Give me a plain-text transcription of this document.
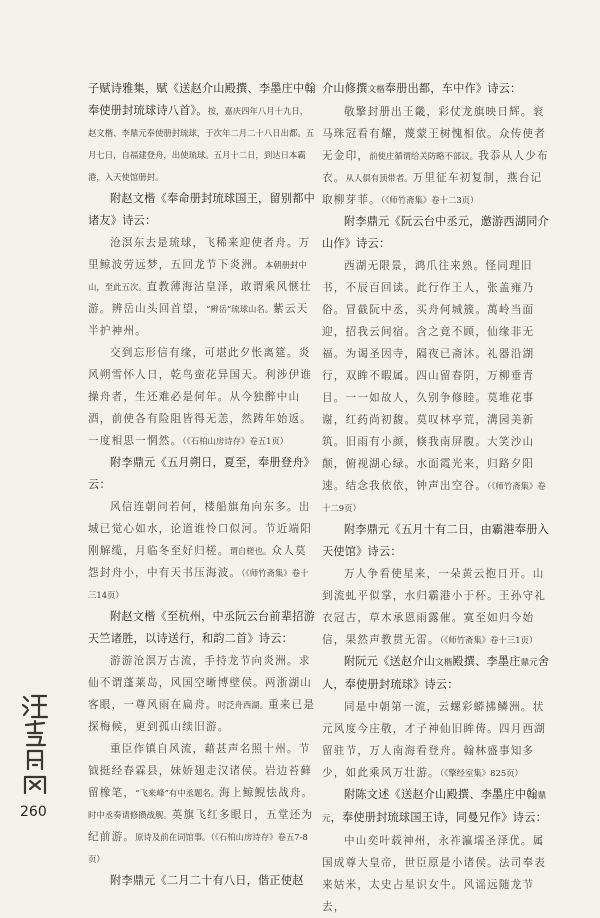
子赋诗雅集，赋《送赵介山殿撰、李墨庄中翰奉使册封琉球诗八首》。按，嘉庆四年八月十九日，赵文楷、李鼎元奉使册封琉球，于次年二月二十八日出都。五月七日，自福建登舟，出使琉球。五月十二日，到达日本霸港，入天使馆册封。

附赵文楷《奉命册封琉球国王，留别都中诸友》诗云：

沧溟东去是琉球，飞稀来迎使者舟。万里鲸波劳远梦，五回龙节下炎洲。本朝册封中山，至此五次。直教薄海沾皇泽，敢谓乘风惬壮游。辨岳山头回首望，“辨岳”琉球山名。紫云天半护神州。

交到忘形信有缘，可堪此夕怅离筵。炎风朔雪怀人日，乾鸟蛮花异国天。利涉伊谁操舟者，生还难必是何年。从今独醉中山酒，前使各有险阻皆得无恙，然踌年始返。一度相思一惘然。（《石柏山房诗存》卷五1页）

附李鼎元《五月朔日，夏至，奉册登舟》云：

风信连朝问若何，楼船旗角向东多。出城已觉心如水，论道谁怜口似河。节近端阳刚解缆，月临冬至好归槎。谓自槎也。众人莫怨封舟小，中有天书压海波。（《师竹斋集》卷十三14页）

附赵文楷《至杭州，中丞阮云台前辈招游天竺诸胜，以诗送行，和韵二首》诗云：

游游沧溟万古流，手持龙节向炎洲。求仙不谓蓬莱岛，风国空晰博壁侯。两浙湖山客眼，一尊风雨在扁舟。时泛舟西湖。重来已是探梅候，更到孤山续旧游。

重臣作镇自风流，藉甚声名照十州。节钺挺经春霖县，妹娇翅走汉诸侯。岩边苔藓留橡笔，“飞来峰”有中丞题名。海上鲸鲵怯战舟。时中丞奏请修攒战舰。英旗飞红多眼日，五堂还为纪前游。原诗及前在词馆事。（《石柏山房诗存》卷五7-8页）

附李鼎元《二月二十有八日，偕正使赵

介山修撰文楷奉册出都，车中作》诗云：

敬擎封册出王畿，彩仗龙旗映日辉。衮马珠冠看有耀，蔑蒙王树愧相依。众传使者无金印，前使庄循谓给关防略不部议。我忝从人少布衣。从人俱有顶带者。万里征车初复制，燕台记取柳芽菲。（《师竹斋集》卷十二3页）

附李鼎元《阮云台中丞元，邀游西湖同介山作》诗云：

西湖无限景，鸿爪往来熟。怪同理旧书，不辰百回读。此行作王人，张盖雍乃俗。冒截阮中丞，买舟何城簇。萬岭当面迎，招我云间宿。含之竟不顾，仙缘非无福。为谒圣因寺，隔夜已斋沐。礼器沿湖行，双眸不暇属。四山留春阴，万柳垂青目。一一如故人，久别争修睦。莫堆花事谢，红药尚初馥。莫叹林亭荒，溝园美新筑。旧雨有小颜，倏我南屏腹。大笑沙山颠，俯视湖心绿。水面霞光来，归路夕阳速。结念我依依，钟声出空谷。（《师竹斋集》卷十二9页）

附李鼎元《五月十有二日，由霸港奉册入天使馆》诗云：

万人争看使星来，一朵黄云抱日开。山到流虬平似掌，水归霸港小于杯。王孙守礼衣冠古，草木承恩雨露催。寞至如归今始信，果然声教贯无雷。（《师竹斋集》卷十三1页）

附阮元《送赵介山文楷殿撰、李墨庄鼎元舍人，奉使册封琉球》诗云：

同是中朝第一流，云螺彩蟒拂鳞洲。状元风度今庄敬，才子神仙旧眸俦。四月西湖留驻节，万人南海看登舟。翰林盛事知多少，如此乘风万壮游。（《擎经室集》825页）

附陈文述《送赵介山殿撰、李墨庄中翰鼎元，奉使册封琉球国王诗，同曼兄作》诗云：

中山奕叶载神州，永祚瀛壖圣泽优。属国成尊大皇帝，世臣原是小诸侯。法司奉表来姑米，太史占星识女牛。风谣远随龙节去，

260
